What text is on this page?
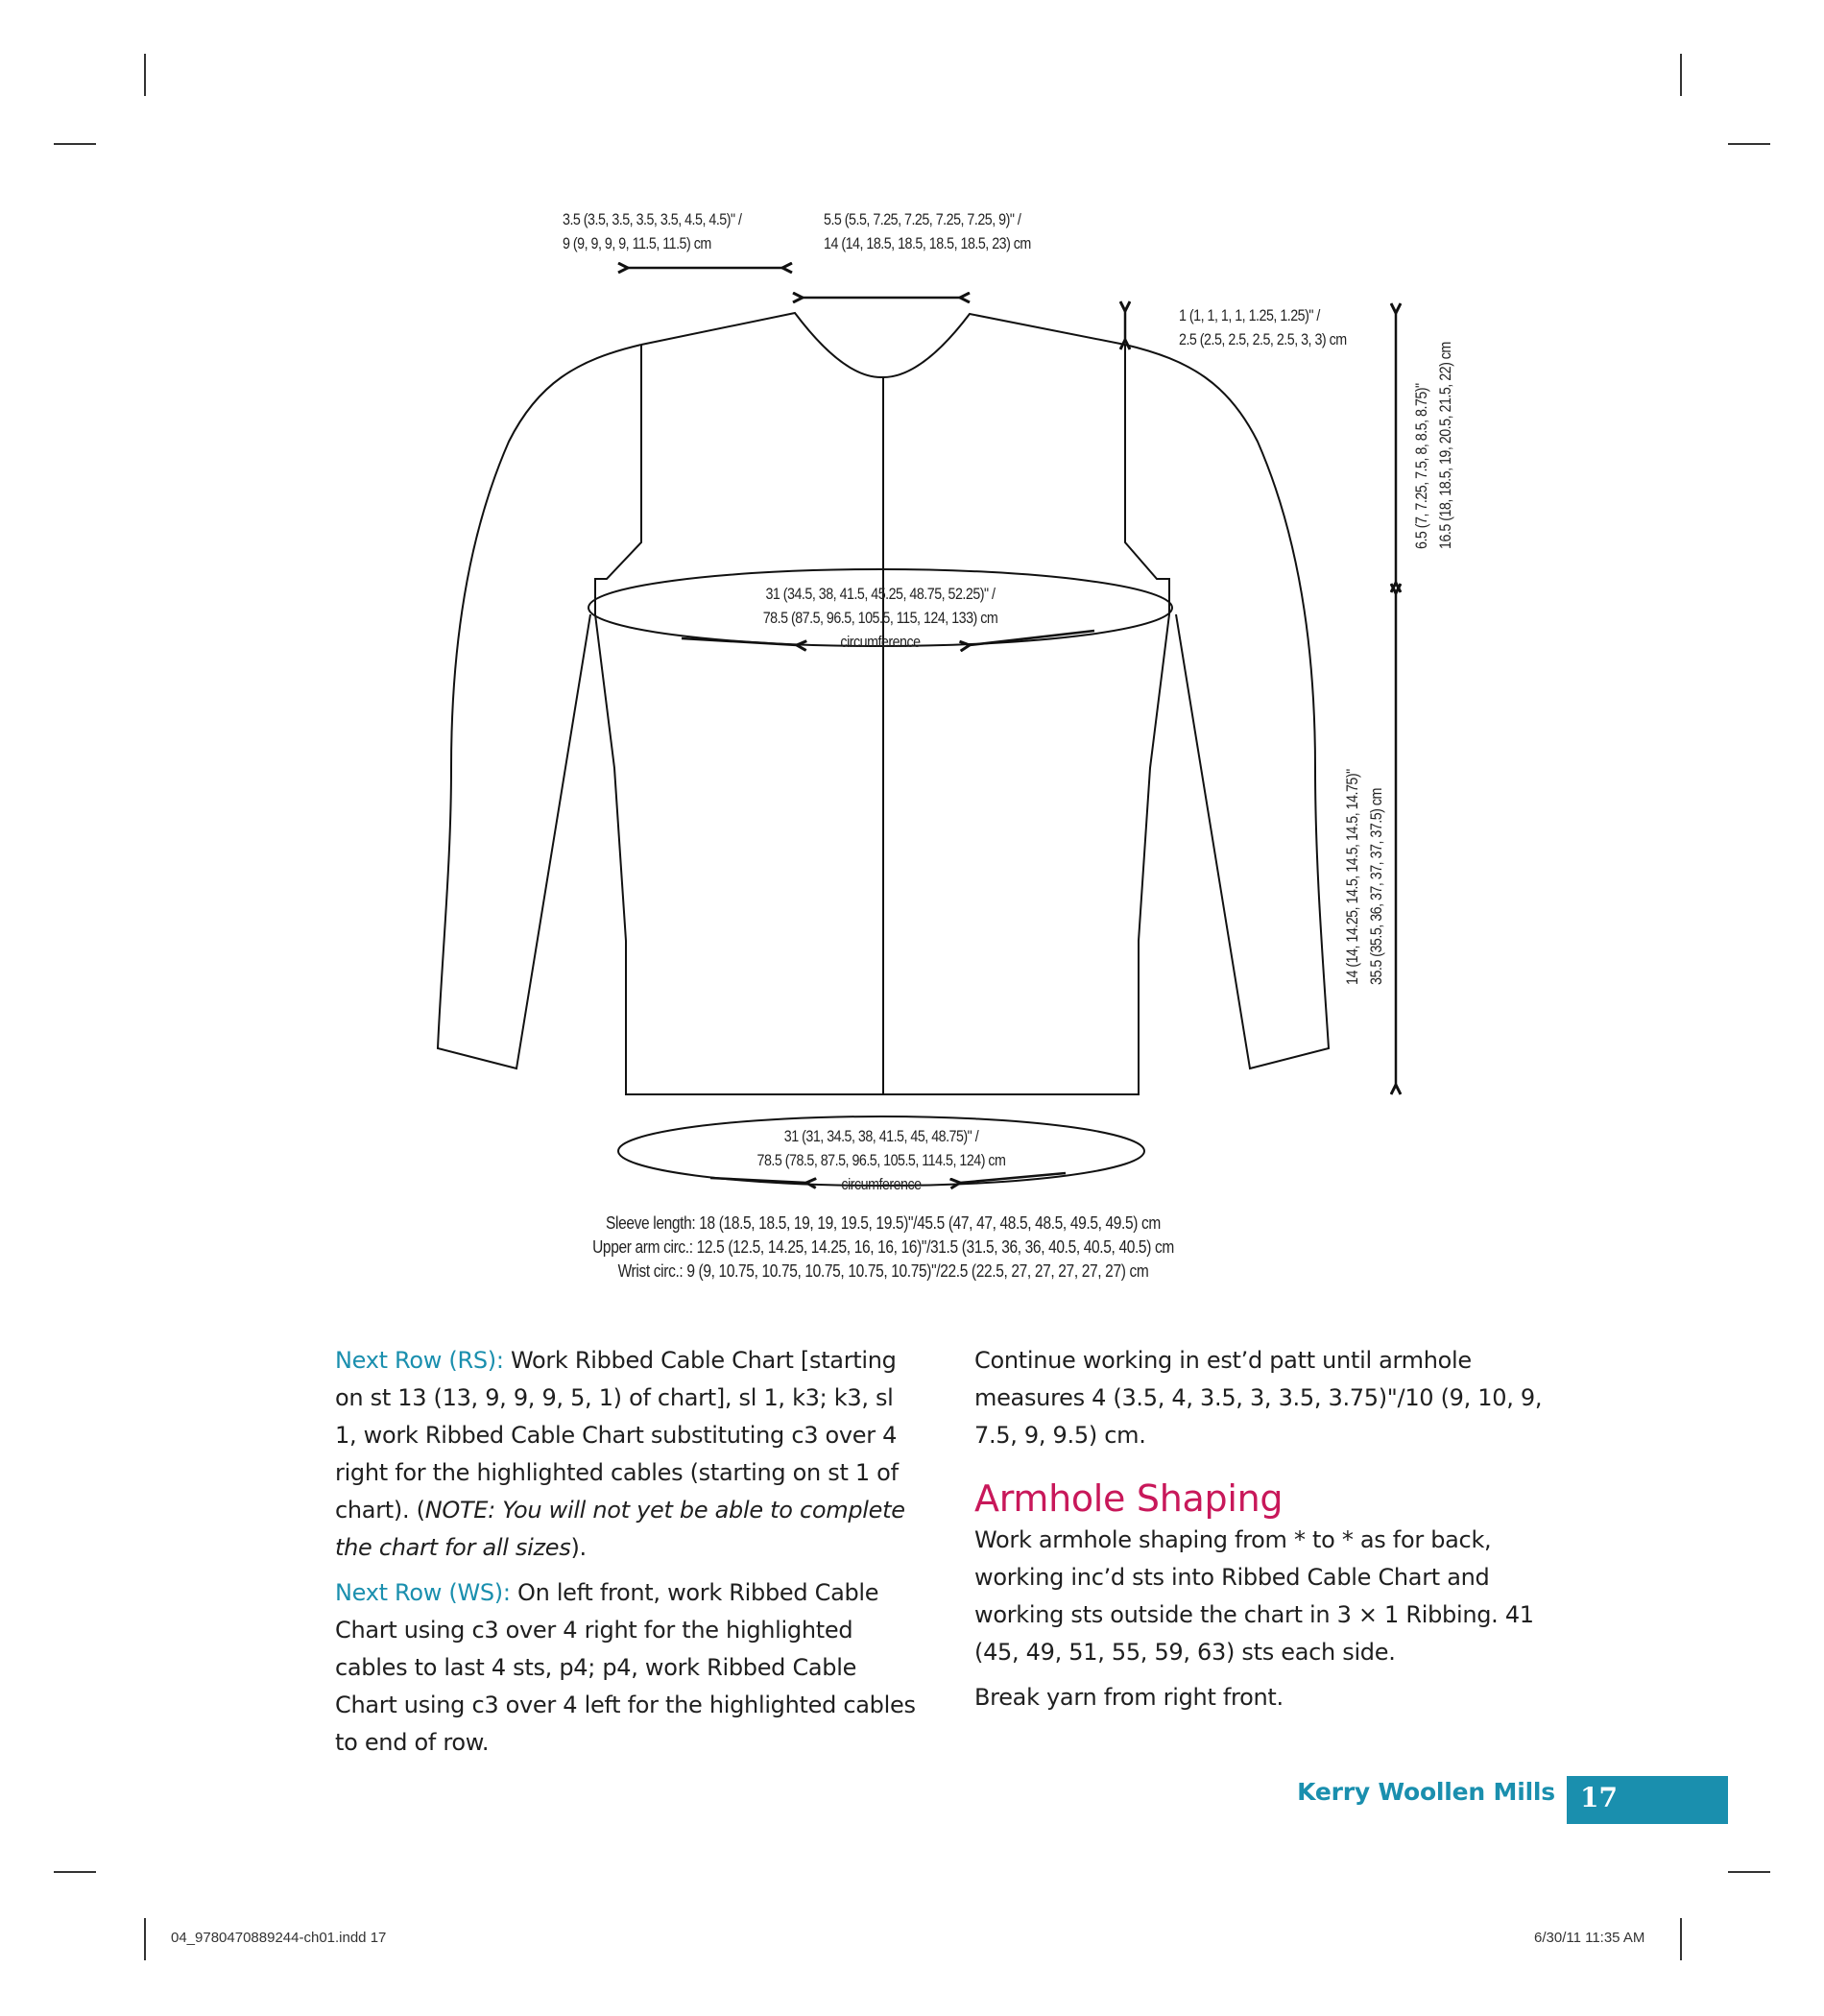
3.5 (3.5, 3.5, 3.5, 3.5, 4.5, 4.5)" /
9 (9, 9, 9, 9, 11.5, 11.5) cm
5.5 (5.5, 7.25, 7.25, 7.25, 7.25, 9)" /
14 (14, 18.5, 18.5, 18.5, 18.5, 23) cm
1 (1, 1, 1, 1, 1.25, 1.25)" /
2.5 (2.5, 2.5, 2.5, 2.5, 3, 3) cm
6.5 (7, 7.25, 7.5, 8, 8.5, 8.75)" 16.5 (18, 18.5, 19, 20.5, 21.5, 22) cm
31 (34.5, 38, 41.5, 45.25, 48.75, 52.25)" /
78.5 (87.5, 96.5, 105.5, 115, 124, 133) cm
circumference
14 (14, 14.25, 14.5, 14.5, 14.5, 14.75)" 35.5 (35.5, 36, 37, 37, 37, 37.5) cm
31 (31, 34.5, 38, 41.5, 45, 48.75)" /
78.5 (78.5, 87.5, 96.5, 105.5, 114.5, 124) cm
circumference
Sleeve length: 18 (18.5, 18.5, 19, 19, 19.5, 19.5)"/45.5 (47, 47, 48.5, 48.5, 49.5, 49.5) cm
Upper arm circ.: 12.5 (12.5, 14.25, 14.25, 16, 16, 16)"/31.5 (31.5, 36, 36, 40.5, 40.5, 40.5) cm
Wrist circ.: 9 (9, 10.75, 10.75, 10.75, 10.75, 10.75)"/22.5 (22.5, 27, 27, 27, 27, 27) cm

Next Row (RS): Work Ribbed Cable Chart [starting on st 13 (13, 9, 9, 9, 5, 1) of chart], sl 1, k3; k3, sl 1, work Ribbed Cable Chart substituting c3 over 4 right for the highlighted cables (starting on st 1 of chart). (NOTE: You will not yet be able to complete the chart for all sizes).

Next Row (WS): On left front, work Ribbed Cable Chart using c3 over 4 right for the highlighted cables to last 4 sts, p4; p4, work Ribbed Cable Chart using c3 over 4 left for the highlighted cables to end of row.

Continue working in est’d patt until armhole measures 4 (3.5, 4, 3.5, 3, 3.5, 3.75)"/10 (9, 10, 9, 7.5, 9, 9.5) cm.

Armhole Shaping

Work armhole shaping from * to * as for back, working inc’d sts into Ribbed Cable Chart and working sts outside the chart in 3 × 1 Ribbing. 41 (45, 49, 51, 55, 59, 63) sts each side.

Break yarn from right front.

Kerry Woollen Mills 17
04_9780470889244-ch01.indd 17	6/30/11 11:35 AM
